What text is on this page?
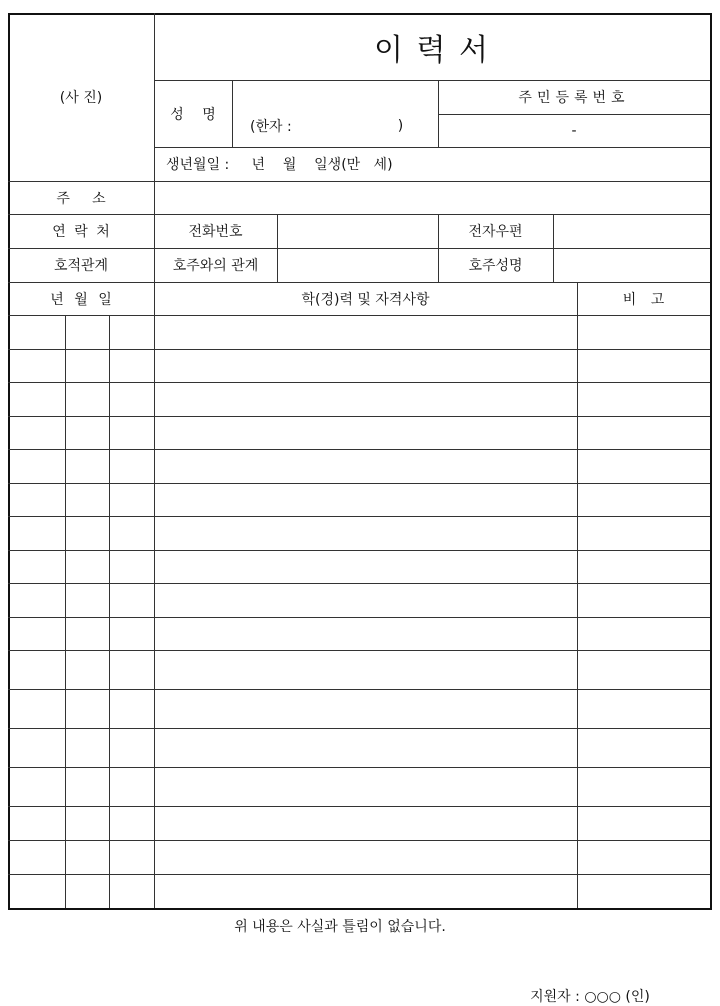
이 력 서
(사 진)
성 명
(한자 :	)
주민등록번호
-
생년월일 :     년    월    일생(만   세)
주     소
연 락 처	전화번호	전자우편
호적관계	호주와의 관계	호주성명
년 월 일	학(경)력 및 자격사항	비 고
위 내용은 사실과 틀림이 없습니다.
지원자 : ○○○ (인)
